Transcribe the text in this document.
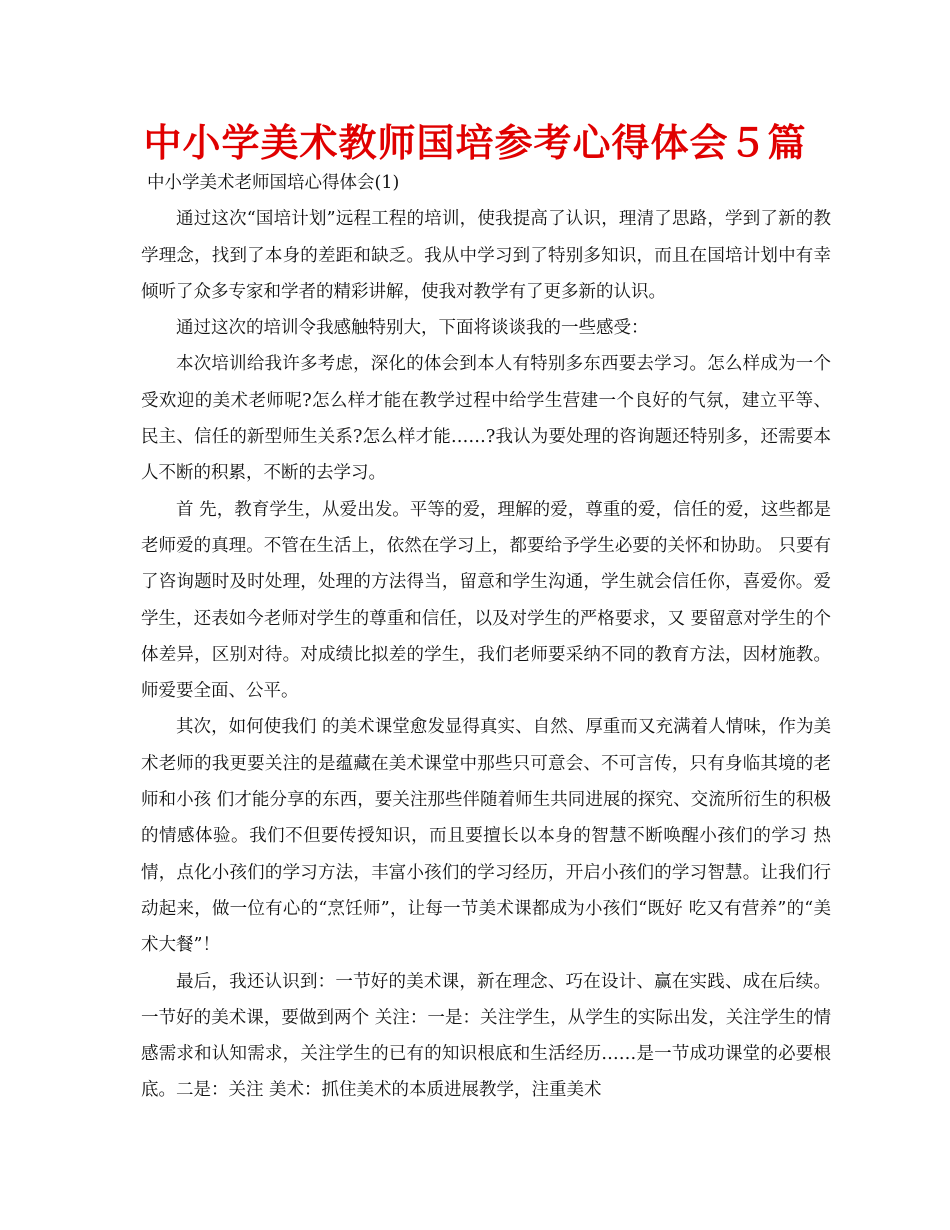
中小学美术教师国培参考心得体会５篇

中小学美术老师国培心得体会(1)

通过这次“国培计划”远程工程的培训，使我提高了认识，理清了思路，学到了新的教学理念，找到了本身的差距和缺乏。我从中学习到了特别多知识，而且在国培计划中有幸倾听了众多专家和学者的精彩讲解，使我对教学有了更多新的认识。

通过这次的培训令我感触特别大，下面将谈谈我的一些感受：

本次培训给我许多考虑，深化的体会到本人有特别多东西要去学习。怎么样成为一个受欢迎的美术老师呢?怎么样才能在教学过程中给学生营建一个良好的气氛，建立平等、民主、信任的新型师生关系?怎么样才能……?我认为要处理的咨询题还特别多，还需要本人不断的积累，不断的去学习。

首 先，教育学生，从爱出发。平等的爱，理解的爱，尊重的爱，信任的爱，这些都是老师爱的真理。不管在生活上，依然在学习上，都要给予学生必要的关怀和协助。 只要有了咨询题时及时处理，处理的方法得当，留意和学生沟通，学生就会信任你，喜爱你。爱学生，还表如今老师对学生的尊重和信任，以及对学生的严格要求，又 要留意对学生的个体差异，区别对待。对成绩比拟差的学生，我们老师要采纳不同的教育方法，因材施教。师爱要全面、公平。

其次，如何使我们 的美术课堂愈发显得真实、自然、厚重而又充满着人情味，作为美术老师的我更要关注的是蕴藏在美术课堂中那些只可意会、不可言传，只有身临其境的老师和小孩 们才能分享的东西，要关注那些伴随着师生共同进展的探究、交流所衍生的积极的情感体验。我们不但要传授知识，而且要擅长以本身的智慧不断唤醒小孩们的学习 热情，点化小孩们的学习方法，丰富小孩们的学习经历，开启小孩们的学习智慧。让我们行动起来，做一位有心的“烹饪师”，让每一节美术课都成为小孩们“既好 吃又有营养”的“美术大餐”！

最后，我还认识到：一节好的美术课，新在理念、巧在设计、赢在实践、成在后续。一节好的美术课，要做到两个 关注：一是：关注学生，从学生的实际出发，关注学生的情感需求和认知需求，关注学生的已有的知识根底和生活经历……是一节成功课堂的必要根底。二是：关注 美术：抓住美术的本质进展教学，注重美术
